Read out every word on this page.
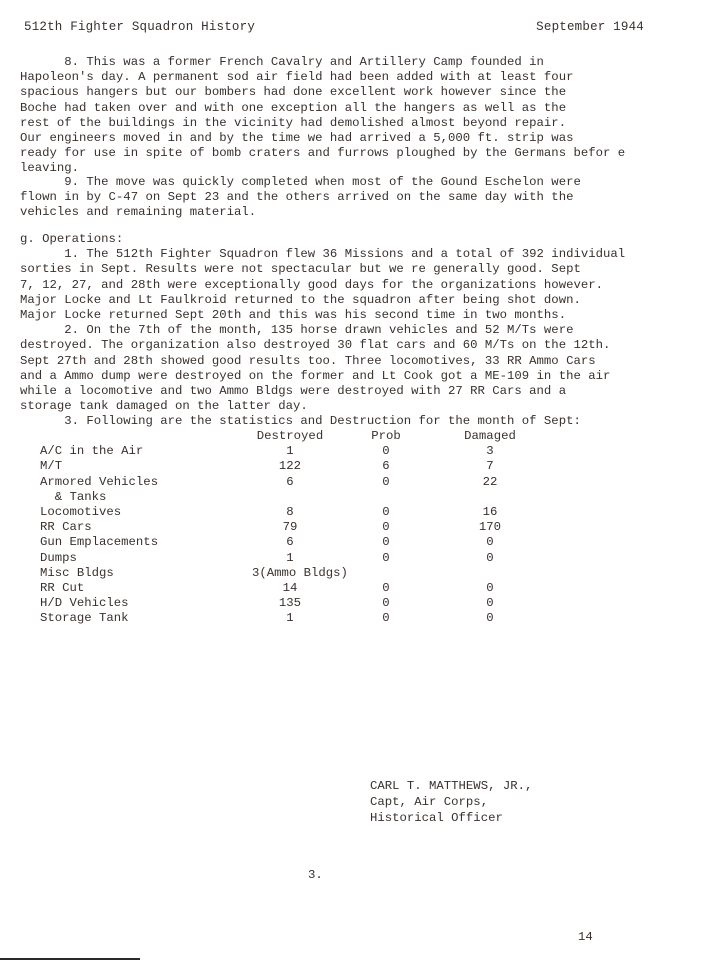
512th Fighter Squadron History	September 1944
8. This was a former French Cavalry and Artillery Camp founded in
Hapoleon's day. A permanent sod air field had been added with at least four
spacious hangers but our bombers had done excellent work however since the
Boche had taken over and with one exception all the hangers as well as the
rest of the buildings in the vicinity had demolished almost beyond repair.
Our engineers moved in and by the time we had arrived a 5,000 ft. strip was
ready for use in spite of bomb craters and furrows ploughed by the Germans befor e
leaving.
9. The move was quickly completed when most of the Gound Eschelon were
flown in by C-47 on Sept 23 and the others arrived on the same day with the
vehicles and remaining material.
g. Operations:
1. The 512th Fighter Squadron flew 36 Missions and a total of 392 individual
sorties in Sept. Results were not spectacular but we re generally good. Sept
7, 12, 27, and 28th were exceptionally good days for the organizations however.
Major Locke and Lt Faulkroid returned to the squadron after being shot down.
Major Locke returned Sept 20th and this was his second time in two months.
2. On the 7th of the month, 135 horse drawn vehicles and 52 M/Ts were
destroyed. The organization also destroyed 30 flat cars and 60 M/Ts on the 12th.
Sept 27th and 28th showed good results too. Three locomotives, 33 RR Ammo Cars
and a Ammo dump were destroyed on the former and Lt Cook got a ME-109 in the air
while a locomotive and two Ammo Bldgs were destroyed with 27 RR Cars and a
storage tank damaged on the latter day.
3. Following are the statistics and Destruction for the month of Sept:
Destroyed	Prob	Damaged
A/C in the Air	1	0	3
M/T	122	6	7
Armored Vehicles	6	0	22
& Tanks
Locomotives	8	0	16
RR Cars	79	0	170
Gun Emplacements	6	0	0
Dumps	1	0	0
Misc Bldgs	3(Ammo Bldgs)
RR Cut	14	0	0
H/D Vehicles	135	0	0
Storage Tank	1	0	0
CARL T. MATTHEWS, JR.,
Capt, Air Corps,
Historical Officer
3.
14
